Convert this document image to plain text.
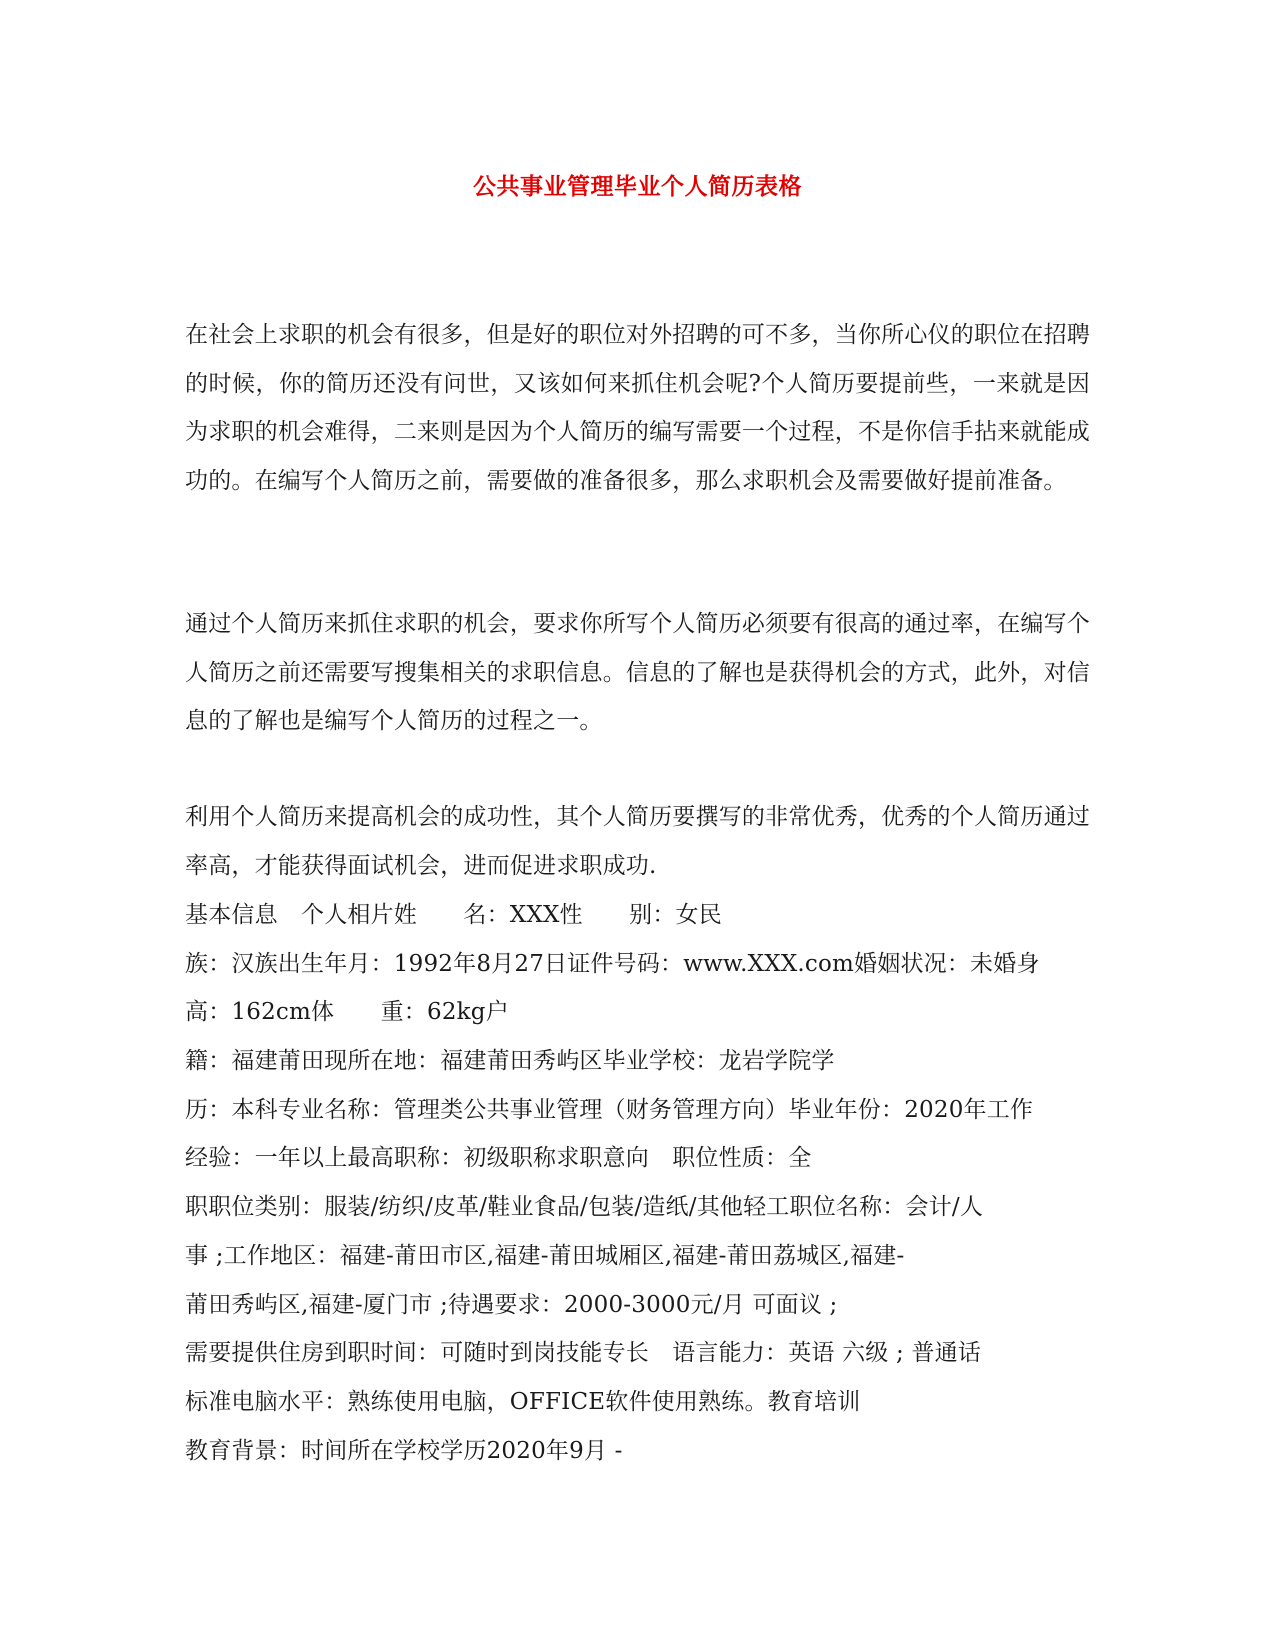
公共事业管理毕业个人简历表格

在社会上求职的机会有很多，但是好的职位对外招聘的可不多，当你所心仪的职位在招聘的时候，你的简历还没有问世，又该如何来抓住机会呢?个人简历要提前些，一来就是因为求职的机会难得，二来则是因为个人简历的编写需要一个过程，不是你信手拈来就能成功的。在编写个人简历之前，需要做的准备很多，那么求职机会及需要做好提前准备。

通过个人简历来抓住求职的机会，要求你所写个人简历必须要有很高的通过率，在编写个人简历之前还需要写搜集相关的求职信息。信息的了解也是获得机会的方式，此外，对信息的了解也是编写个人简历的过程之一。

利用个人简历来提高机会的成功性，其个人简历要撰写的非常优秀，优秀的个人简历通过率高，才能获得面试机会，进而促进求职成功.

基本信息　个人相片姓　　名：XXX性　　别：女民
族：汉族出生年月：1992年8月27日证件号码：www.XXX.com婚姻状况：未婚身
高：162cm体　　重：62kg户
籍：福建莆田现所在地：福建莆田秀屿区毕业学校：龙岩学院学
历：本科专业名称：管理类公共事业管理（财务管理方向）毕业年份：2020年工作
经验：一年以上最高职称：初级职称求职意向　职位性质：全
职职位类别：服装/纺织/皮革/鞋业食品/包装/造纸/其他轻工职位名称：会计/人
事 ;工作地区：福建-莆田市区,福建-莆田城厢区,福建-莆田荔城区,福建-
莆田秀屿区,福建-厦门市 ;待遇要求：2000-3000元/月 可面议 ;
需要提供住房到职时间：可随时到岗技能专长　语言能力：英语 六级 ; 普通话
标准电脑水平：熟练使用电脑，OFFICE软件使用熟练。教育培训
教育背景：时间所在学校学历2020年9月 -
